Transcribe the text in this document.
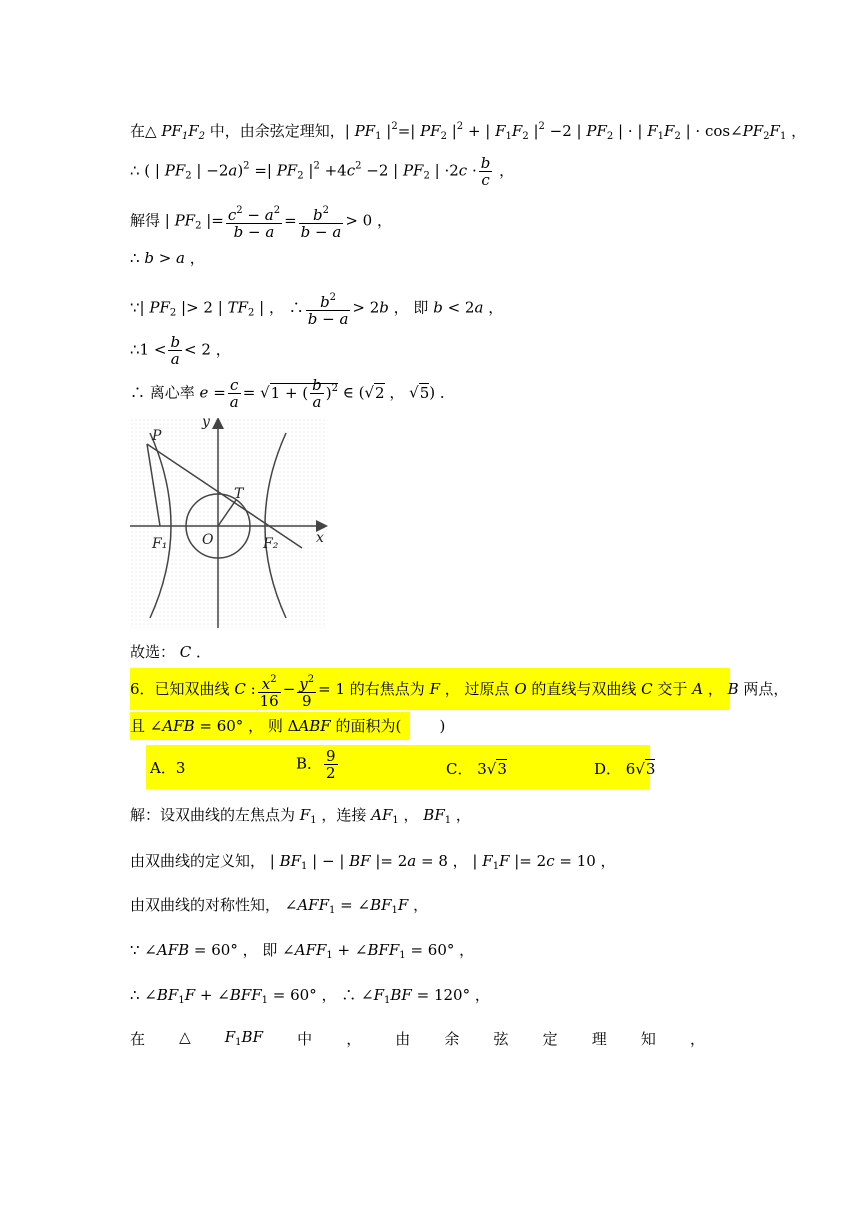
在△ $PF_1F_2$ 中，由余弦定理知，| $PF_1$ $|^2=|$ $PF_2$ $|^2$ + | $F_1F_2$ $|^2 -2$ | $PF_2$ | · | $F_1F_2$ | · $\cos\angle PF_2F_1$ ，
∴ ( | $PF_2$ | −2a)$^2$ =| $PF_2$ $|^2 +4c^2 -2$ | $PF_2$ | $\cdot 2c \cdot \frac{b}{c}$ ，
解得 | $PF_2$ |= $\frac{c^2 - a^2}{b - a} = \frac{b^2}{b - a} > 0$ ，
∴ b > a ，
∵| $PF_2$ |> 2 | $TF_2$ | ， ∴ $\frac{b^2}{b - a} > 2b$ ， 即 b < 2a ，
∴1 < $\frac{b}{a} < 2$ ，
∴ 离心率 $e = \frac{c}{a} = √1$ + ( $\frac{b}{a} )^2$ ∈ (√2 ， √5) ．
P
T
O
F₁	F₂	x
y
故选： C ．
6．已知双曲线 C : $\frac{x^2}{16} - \frac{y^2}{9} = 1$ 的右焦点为 F ， 过原点 O 的直线与双曲线 C 交于 A ， B 两点，
且 ∠AFB = 60° ， 则 ΔABF 的面积为(        )
A．3	B． $\frac{9}{2}$	C． 3√3	D． 6√3
解：设双曲线的左焦点为 $F_1$ ，连接 $AF_1$ ， $BF_1$ ，
由双曲线的定义知， | $BF_1$ | − | BF |= 2a = 8 ， | $F_1F$ |= 2c = 10 ，
由双曲线的对称性知， $\angle AFF_1$ = $\angle BF_1F$ ，
∵ ∠AFB = 60° ， 即 $\angle AFF_1$ + $\angle BFF_1 = 60^\circ$ ，
∴ $\angle BF_1F$ + $\angle BFF_1 = 60^\circ$ ， ∴ $\angle F_1BF = 120^\circ$ ，
在 △ $F_1BF$ 中 ， 由 余 弦 定 理 知 ，
